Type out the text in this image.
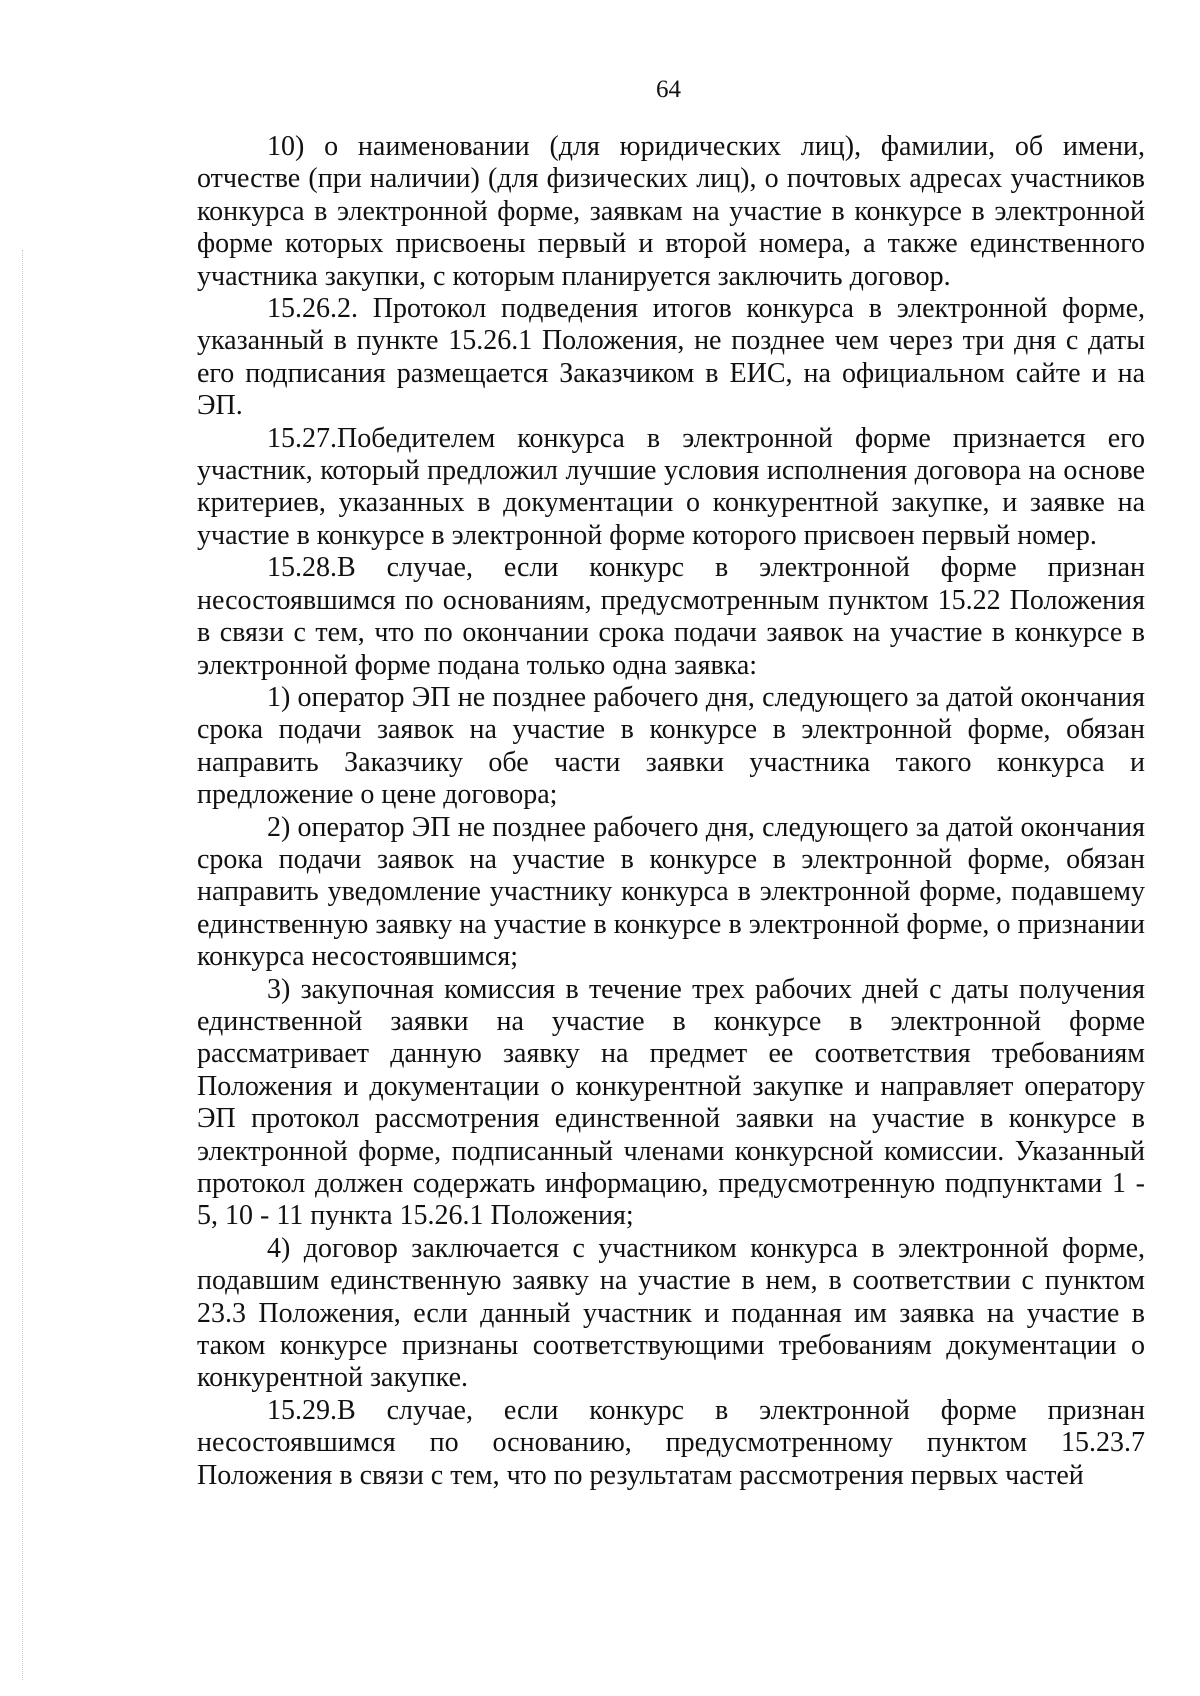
64

10) о наименовании (для юридических лиц), фамилии, об имени, отчестве (при наличии) (для физических лиц), о почтовых адресах участников конкурса в электронной форме, заявкам на участие в конкурсе в электронной форме которых присвоены первый и второй номера, а также единственного участника закупки, с которым планируется заключить договор.

15.26.2. Протокол подведения итогов конкурса в электронной форме, указанный в пункте 15.26.1 Положения, не позднее чем через три дня с даты его подписания размещается Заказчиком в ЕИС, на официальном сайте и на ЭП.

15.27.Победителем конкурса в электронной форме признается его участник, который предложил лучшие условия исполнения договора на основе критериев, указанных в документации о конкурентной закупке, и заявке на участие в конкурсе в электронной форме которого присвоен первый номер.

15.28.В случае, если конкурс в электронной форме признан несостоявшимся по основаниям, предусмотренным пунктом 15.22 Положения в связи с тем, что по окончании срока подачи заявок на участие в конкурсе в электронной форме подана только одна заявка:

1) оператор ЭП не позднее рабочего дня, следующего за датой окончания срока подачи заявок на участие в конкурсе в электронной форме, обязан направить Заказчику обе части заявки участника такого конкурса и предложение о цене договора;

2) оператор ЭП не позднее рабочего дня, следующего за датой окончания срока подачи заявок на участие в конкурсе в электронной форме, обязан направить уведомление участнику конкурса в электронной форме, подавшему единственную заявку на участие в конкурсе в электронной форме, о признании конкурса несостоявшимся;

3) закупочная комиссия в течение трех рабочих дней с даты получения единственной заявки на участие в конкурсе в электронной форме рассматривает данную заявку на предмет ее соответствия требованиям Положения и документации о конкурентной закупке и направляет оператору ЭП протокол рассмотрения единственной заявки на участие в конкурсе в электронной форме, подписанный членами конкурсной комиссии. Указанный протокол должен содержать информацию, предусмотренную подпунктами 1 - 5, 10 - 11 пункта 15.26.1 Положения;

4) договор заключается с участником конкурса в электронной форме, подавшим единственную заявку на участие в нем, в соответствии с пунктом 23.3 Положения, если данный участник и поданная им заявка на участие в таком конкурсе признаны соответствующими требованиям документации о конкурентной закупке.

15.29.В случае, если конкурс в электронной форме признан несостоявшимся по основанию, предусмотренному пунктом 15.23.7 Положения в связи с тем, что по результатам рассмотрения первых частей
